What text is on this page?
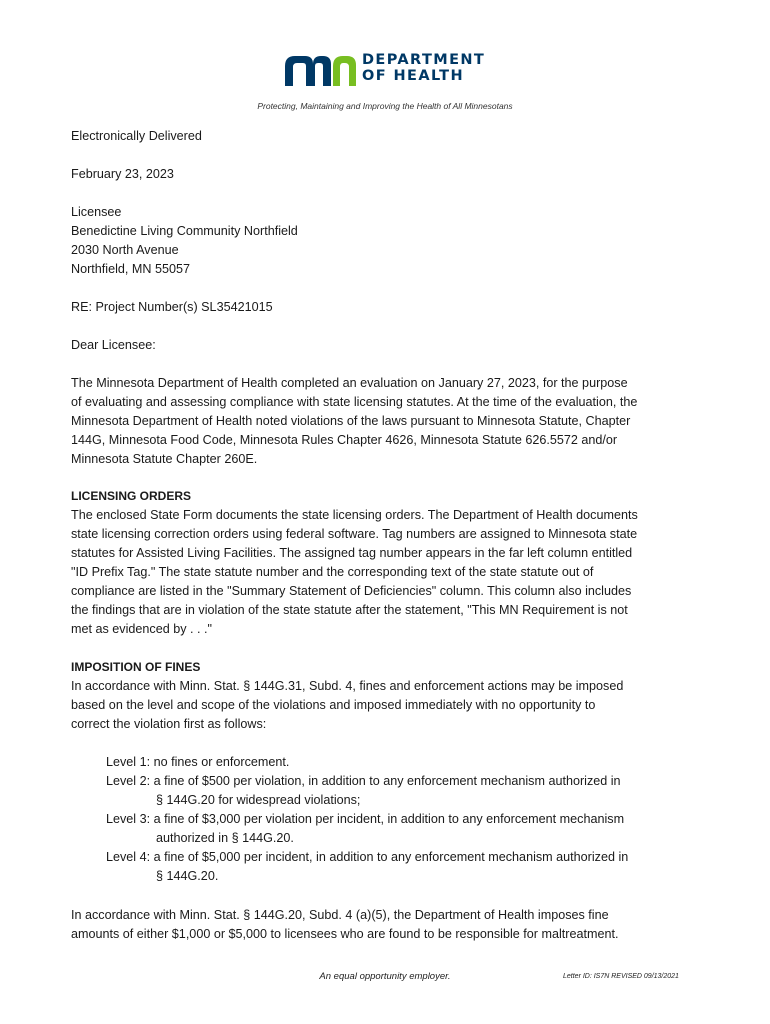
DEPARTMENT
OF HEALTH
Protecting, Maintaining and Improving the Health of All Minnesotans
Electronically Delivered
February 23, 2023
Licensee
Benedictine Living Community Northfield
2030 North Avenue
Northfield, MN 55057
RE: Project Number(s) SL35421015
Dear Licensee:
The Minnesota Department of Health completed an evaluation on January 27, 2023, for the purpose
of evaluating and assessing compliance with state licensing statutes. At the time of the evaluation, the
Minnesota Department of Health noted violations of the laws pursuant to Minnesota Statute, Chapter
144G, Minnesota Food Code, Minnesota Rules Chapter 4626, Minnesota Statute 626.5572 and/or
Minnesota Statute Chapter 260E.
LICENSING ORDERS
The enclosed State Form documents the state licensing orders. The Department of Health documents
state licensing correction orders using federal software. Tag numbers are assigned to Minnesota state
statutes for Assisted Living Facilities. The assigned tag number appears in the far left column entitled
"ID Prefix Tag." The state statute number and the corresponding text of the state statute out of
compliance are listed in the "Summary Statement of Deficiencies" column. This column also includes
the findings that are in violation of the state statute after the statement, "This MN Requirement is not
met as evidenced by . . ."
IMPOSITION OF FINES
In accordance with Minn. Stat. § 144G.31, Subd. 4, fines and enforcement actions may be imposed
based on the level and scope of the violations and imposed immediately with no opportunity to
correct the violation first as follows:
Level 1: no fines or enforcement.
Level 2: a fine of $500 per violation, in addition to any enforcement mechanism authorized in
§ 144G.20 for widespread violations;
Level 3: a fine of $3,000 per violation per incident, in addition to any enforcement mechanism
authorized in § 144G.20.
Level 4: a fine of $5,000 per incident, in addition to any enforcement mechanism authorized in
§ 144G.20.
In accordance with Minn. Stat. § 144G.20, Subd. 4 (a)(5), the Department of Health imposes fine
amounts of either $1,000 or $5,000 to licensees who are found to be responsible for maltreatment.
An equal opportunity employer.	Letter ID: IS7N REVISED 09/13/2021
